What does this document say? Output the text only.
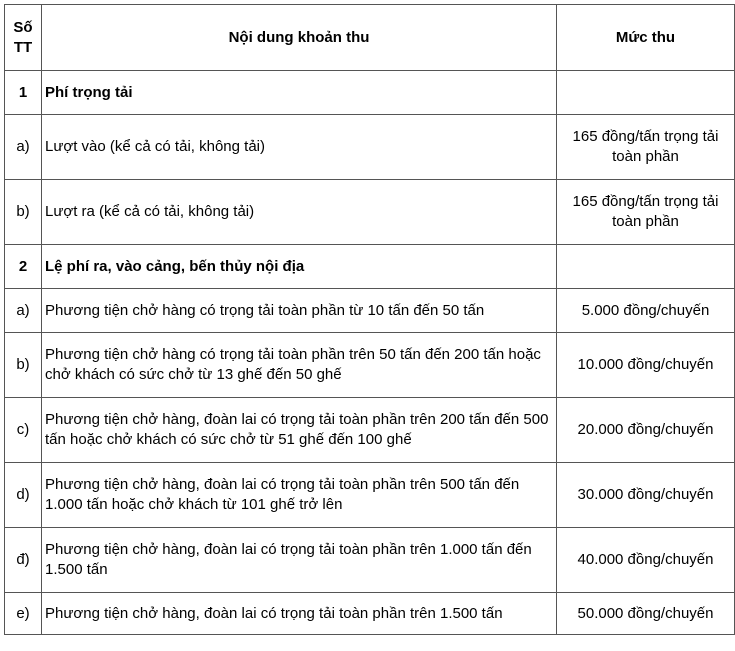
Số TT	Nội dung khoản thu	Mức thu
1	Phí trọng tải	
a)	Lượt vào (kể cả có tải, không tải)	165 đồng/tấn trọng tải toàn phần
b)	Lượt ra (kể cả có tải, không tải)	165 đồng/tấn trọng tải toàn phần
2	Lệ phí ra, vào cảng, bến thủy nội địa	
a)	Phương tiện chở hàng có trọng tải toàn phần từ 10 tấn đến 50 tấn	5.000 đồng/chuyến
b)	Phương tiện chở hàng có trọng tải toàn phần trên 50 tấn đến 200 tấn hoặc chở khách có sức chở từ 13 ghế đến 50 ghế	10.000 đồng/chuyến
c)	Phương tiện chở hàng, đoàn lai có trọng tải toàn phần trên 200 tấn đến 500 tấn hoặc chở khách có sức chở từ 51 ghế đến 100 ghế	20.000 đồng/chuyến
d)	Phương tiện chở hàng, đoàn lai có trọng tải toàn phần trên 500 tấn đến 1.000 tấn hoặc chở khách từ 101 ghế trở lên	30.000 đồng/chuyến
đ)	Phương tiện chở hàng, đoàn lai có trọng tải toàn phần trên 1.000 tấn đến 1.500 tấn	40.000 đồng/chuyến
e)	Phương tiện chở hàng, đoàn lai có trọng tải toàn phần trên 1.500 tấn	50.000 đồng/chuyến
